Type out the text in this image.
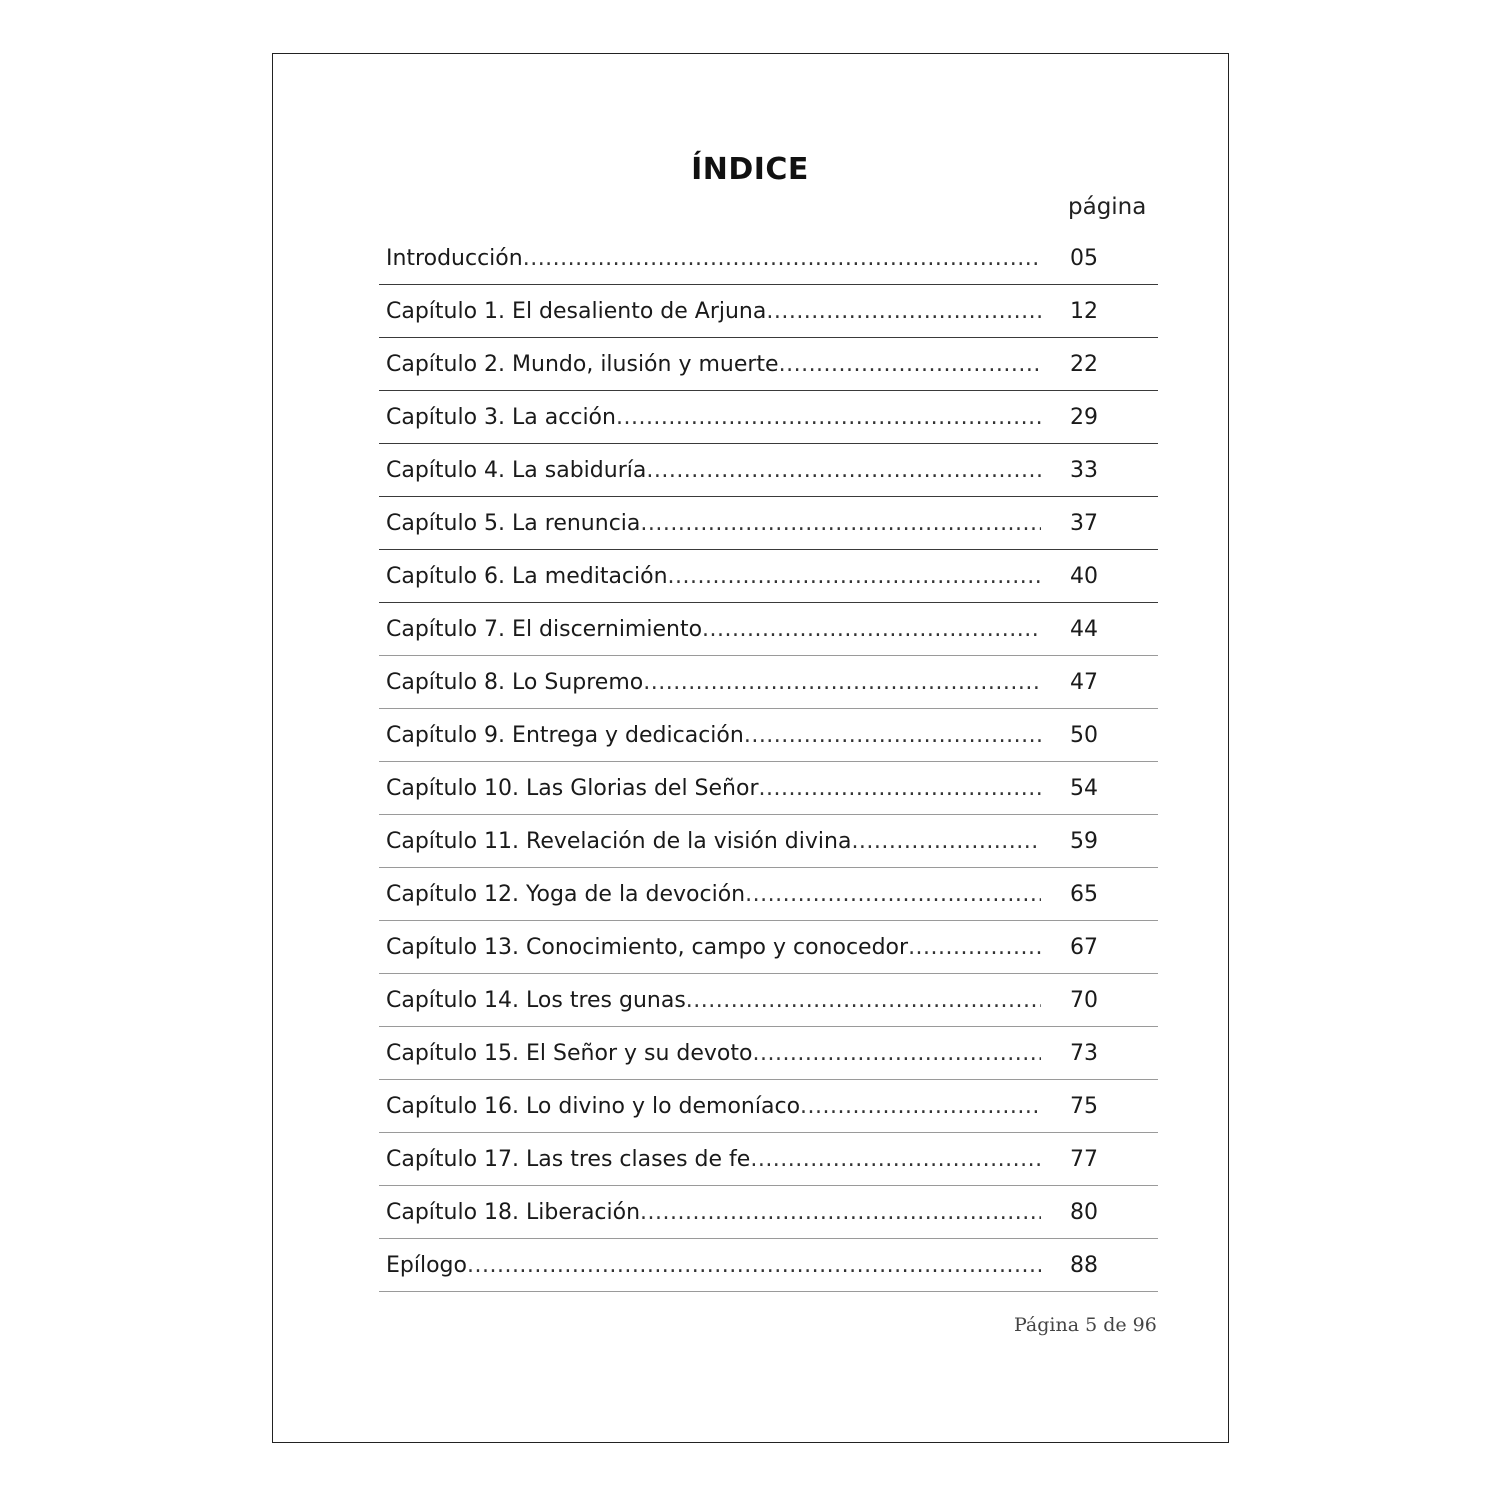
ÍNDICE
página
Introducción .....	05
Capítulo 1. El desaliento de Arjuna .....	12
Capítulo 2. Mundo, ilusión y muerte .....	22
Capítulo 3. La acción .....	29
Capítulo 4. La sabiduría .....	33
Capítulo 5. La renuncia .....	37
Capítulo 6. La meditación .....	40
Capítulo 7. El discernimiento .....	44
Capítulo 8. Lo Supremo .....	47
Capítulo 9. Entrega y dedicación .....	50
Capítulo 10. Las Glorias del Señor .....	54
Capítulo 11. Revelación de la visión divina .....	59
Capítulo 12. Yoga de la devoción .....	65
Capítulo 13. Conocimiento, campo y conocedor .....	67
Capítulo 14. Los tres gunas .....	70
Capítulo 15. El Señor y su devoto .....	73
Capítulo 16. Lo divino y lo demoníaco .....	75
Capítulo 17. Las tres clases de fe .....	77
Capítulo 18. Liberación .....	80
Epílogo .....	88
Página 5 de 96
